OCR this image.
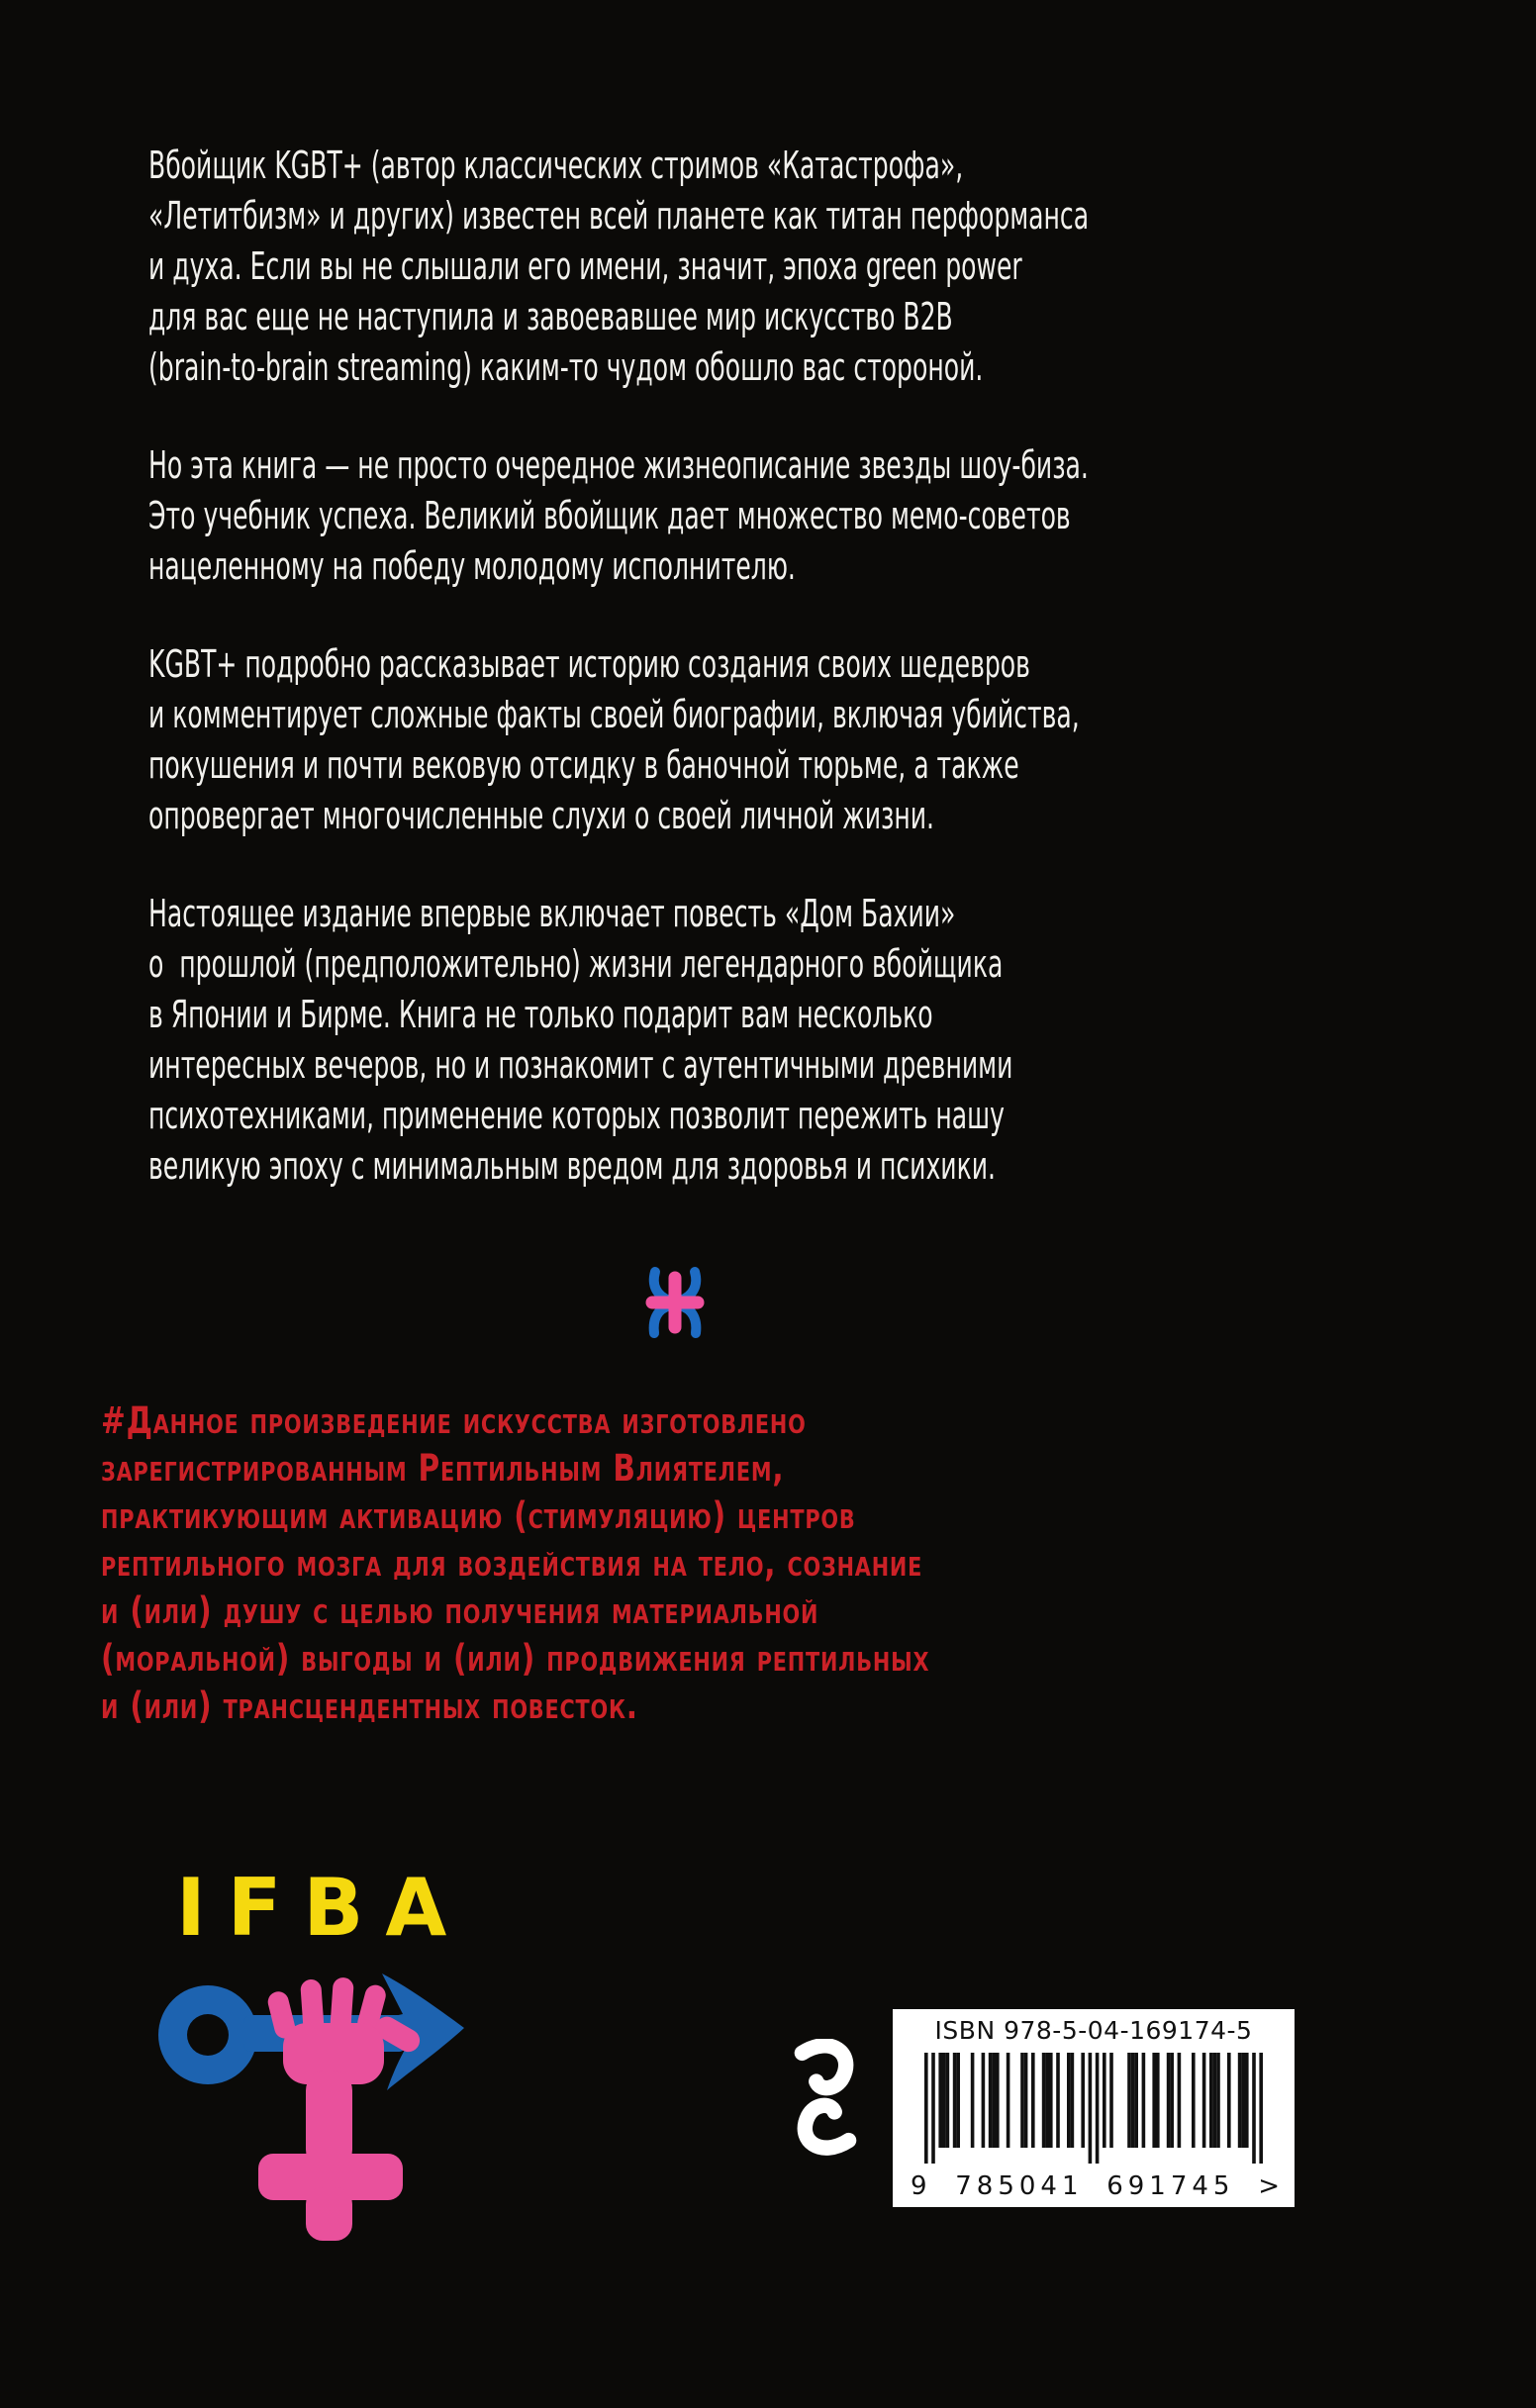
Вбойщик KGBT+ (автор классических стримов «Катастрофа»,
«Летитбизм» и других) известен всей планете как титан перформанса
и духа. Если вы не слышали его имени, значит, эпоха green power
для вас еще не наступила и завоевавшее мир искусство B2B
(brain-to-brain streaming) каким-то чудом обошло вас стороной.
Но эта книга — не просто очередное жизнеописание звезды шоу-биза.
Это учебник успеха. Великий вбойщик дает множество мемо-советов
нацеленному на победу молодому исполнителю.
KGBT+ подробно рассказывает историю создания своих шедевров
и комментирует сложные факты своей биографии, включая убийства,
покушения и почти вековую отсидку в баночной тюрьме, а также
опровергает многочисленные слухи о своей личной жизни.
Настоящее издание впервые включает повесть «Дом Бахии»
о  прошлой (предположительно) жизни легендарного вбойщика
в Японии и Бирме. Книга не только подарит вам несколько
интересных вечеров, но и познакомит с аутентичными древними
психотехниками, применение которых позволит пережить нашу
великую эпоху с минимальным вредом для здоровья и психики.
#Данное произведение искусства изготовлено
зарегистрированным Рептильным Влиятелем,
практикующим активацию (стимуляцию) центров
рептильного мозга для воздействия на тело, сознание
и (или) душу с целью получения материальной
(моральной) выгоды и (или) продвижения рептильных
и (или) трансцендентных повесток.
IFBA
ISBN 978-5-04-169174-5
9 785041 691745 >
